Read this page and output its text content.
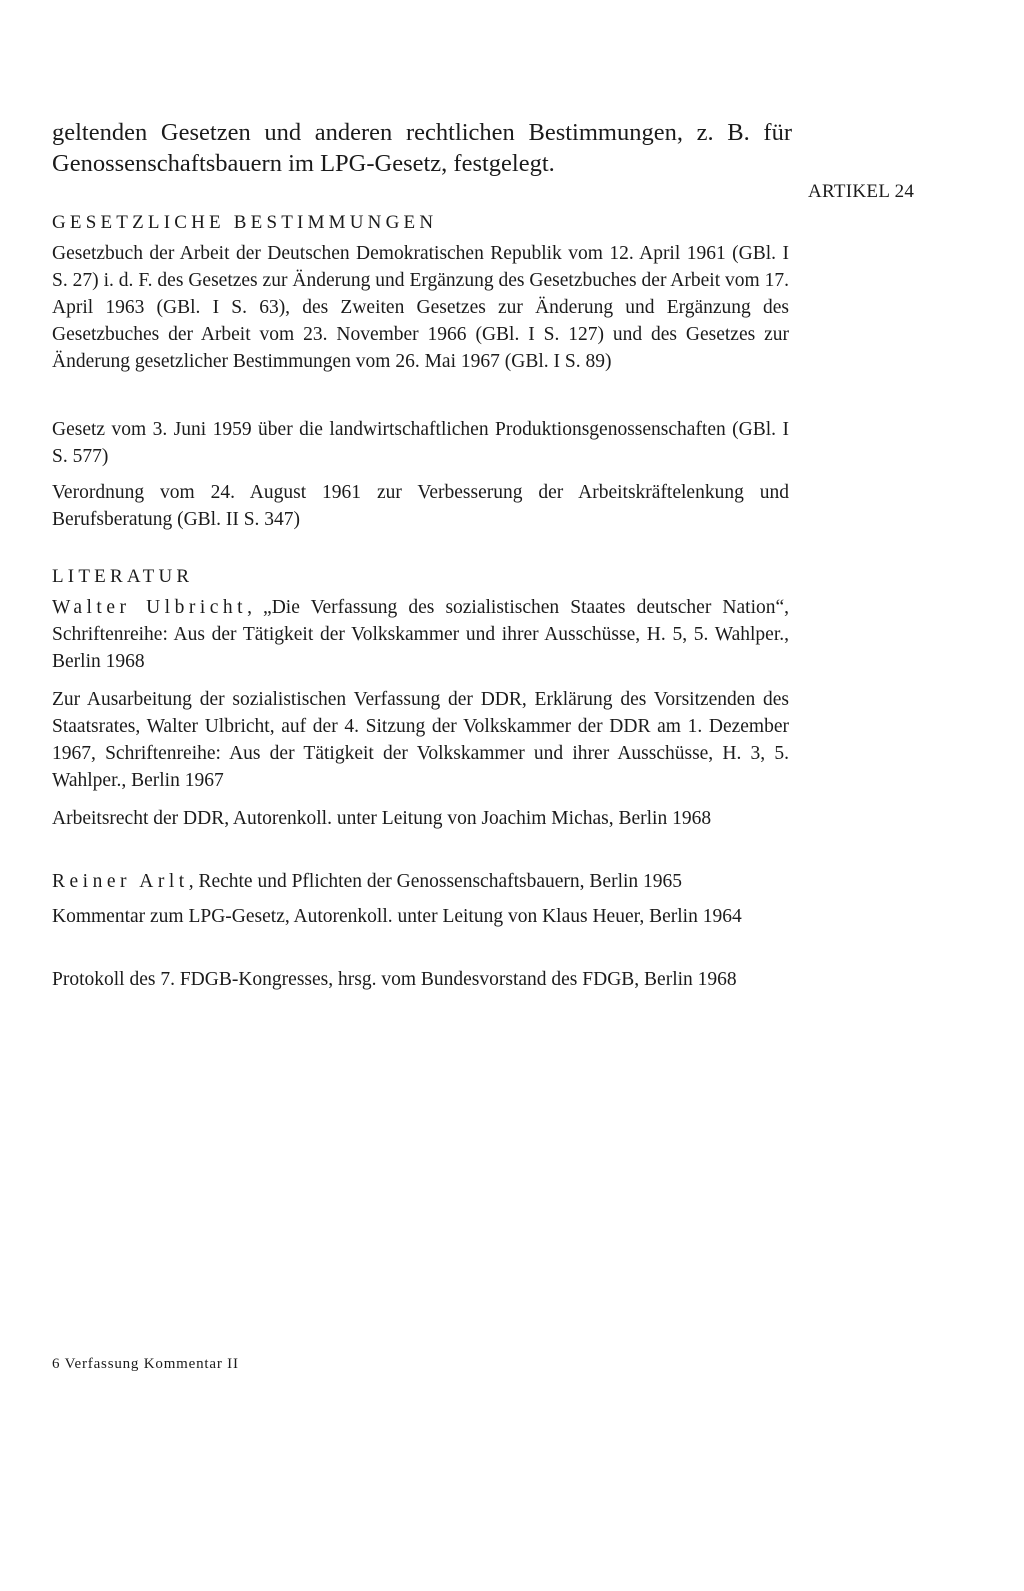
geltenden Gesetzen und anderen rechtlichen Bestimmungen, z. B. für Genossenschaftsbauern im LPG-Gesetz, festgelegt.

ARTIKEL 24
GESETZLICHE BESTIMMUNGEN

Gesetzbuch der Arbeit der Deutschen Demokratischen Republik vom 12. April 1961 (GBl. I S. 27) i. d. F. des Gesetzes zur Änderung und Ergänzung des Gesetzbuches der Arbeit vom 17. April 1963 (GBl. I S. 63), des Zweiten Gesetzes zur Änderung und Ergänzung des Gesetzbuches der Arbeit vom 23. November 1966 (GBl. I S. 127) und des Gesetzes zur Änderung gesetzlicher Bestimmungen vom 26. Mai 1967 (GBl. I S. 89)

Gesetz vom 3. Juni 1959 über die landwirtschaftlichen Produktionsgenossenschaften (GBl. I S. 577)

Verordnung vom 24. August 1961 zur Verbesserung der Arbeitskräftelenkung und Berufsberatung (GBl. II S. 347)

LITERATUR

Walter Ulbricht, „Die Verfassung des sozialistischen Staates deutscher Nation“, Schriftenreihe: Aus der Tätigkeit der Volkskammer und ihrer Ausschüsse, H. 5, 5. Wahlper., Berlin 1968

Zur Ausarbeitung der sozialistischen Verfassung der DDR, Erklärung des Vorsitzenden des Staatsrates, Walter Ulbricht, auf der 4. Sitzung der Volkskammer der DDR am 1. Dezember 1967, Schriftenreihe: Aus der Tätigkeit der Volkskammer und ihrer Ausschüsse, H. 3, 5. Wahlper., Berlin 1967

Arbeitsrecht der DDR, Autorenkoll. unter Leitung von Joachim Michas, Berlin 1968

Reiner Arlt, Rechte und Pflichten der Genossenschaftsbauern, Berlin 1965

Kommentar zum LPG-Gesetz, Autorenkoll. unter Leitung von Klaus Heuer, Berlin 1964

Protokoll des 7. FDGB-Kongresses, hrsg. vom Bundesvorstand des FDGB, Berlin 1968

6 Verfassung Kommentar II
